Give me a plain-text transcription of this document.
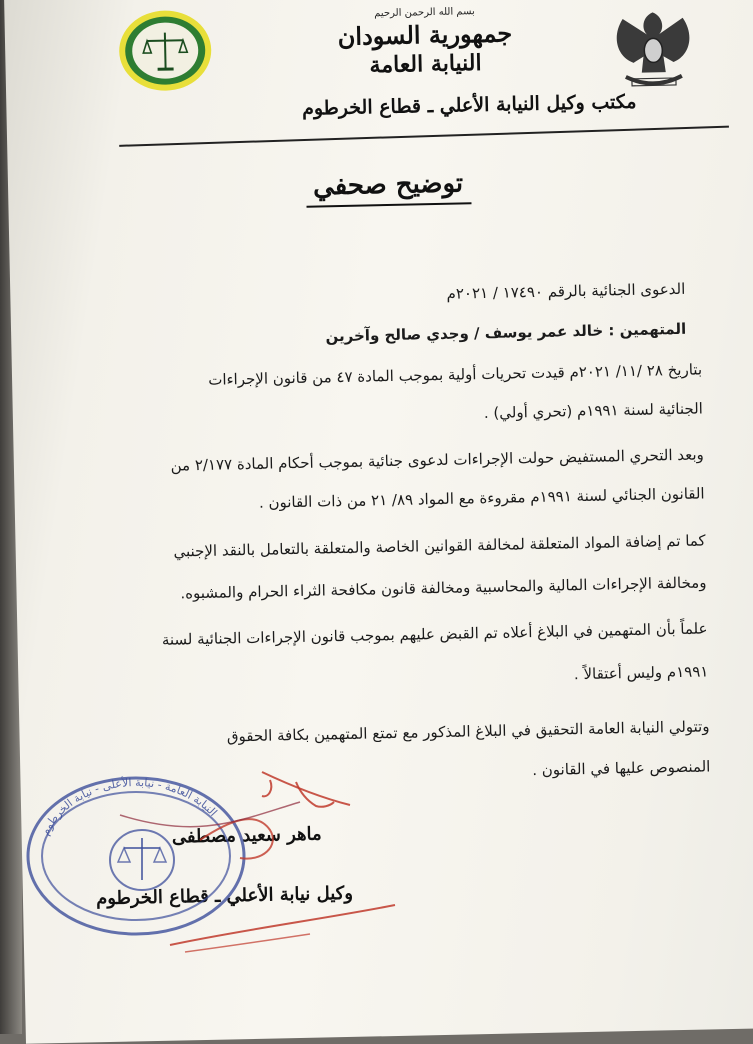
بسم الله الرحمن الرحيم
جمهورية السودان
النيابة العامة
مكتب وكيل النيابة الأعلي ـ قطاع الخرطوم
توضيح صحفي
الدعوى الجنائية بالرقم ١٧٤٩٠ / ٢٠٢١م
المتهمين : خالد عمر يوسف / وجدي صالح وآخرين
بتاريخ ٢٨ /١١/ ٢٠٢١م قيدت تحريات أولية بموجب المادة ٤٧ من قانون الإجراءات
الجنائية لسنة ١٩٩١م (تحري أولي) .
وبعد التحري المستفيض حولت الإجراءات لدعوى جنائية بموجب أحكام المادة ٢/١٧٧ من
القانون الجنائي لسنة ١٩٩١م مقروءة مع المواد ٨٩/ ٢١ من ذات القانون .
كما تم إضافة المواد المتعلقة لمخالفة القوانين الخاصة والمتعلقة بالتعامل بالنقد الإجنبي
ومخالفة الإجراءات المالية والمحاسبية ومخالفة قانون مكافحة الثراء الحرام والمشبوه.
علماً بأن المتهمين في البلاغ أعلاه تم القبض عليهم بموجب قانون الإجراءات الجنائية لسنة
١٩٩١م وليس أعتقالاً .
وتتولي النيابة العامة التحقيق في البلاغ المذكور مع تمتع المتهمين بكافة الحقوق
المنصوص عليها في القانون .
ماهر سعيد مصطفى
وكيل نيابة الأعلي ـ قطاع الخرطوم
النيابة العامة - نيابة الأعلى - نيابة الخرطوم
